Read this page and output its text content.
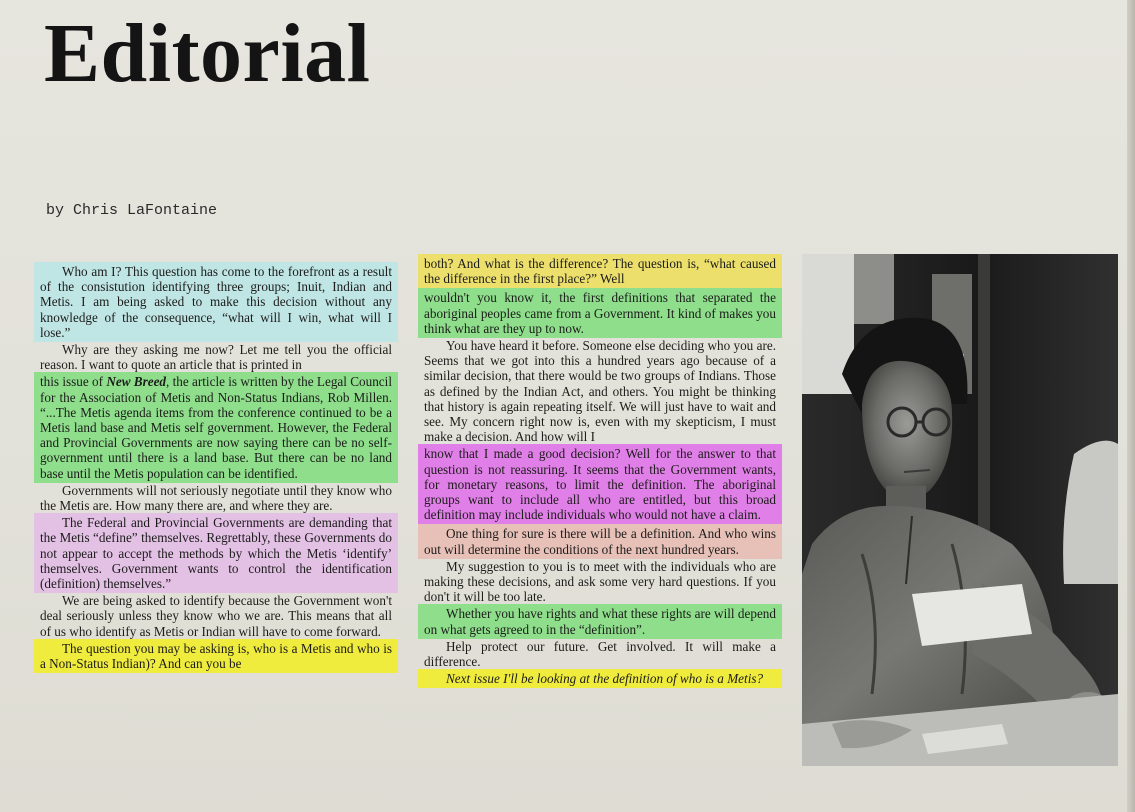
Editorial
by Chris LaFontaine

Who am I? This question has come to the forefront as a result of the consistution identifying three groups; Inuit, Indian and Metis. I am being asked to make this decision without any knowledge of the consequence, “what will I win, what will I lose.”

Why are they asking me now? Let me tell you the official reason. I want to quote an article that is printed in

this issue of New Breed, the article is written by the Legal Council for the Association of Metis and Non-Status Indians, Rob Millen. “...The Metis agenda items from the conference continued to be a Metis land base and Metis self government. However, the Federal and Provincial Governments are now saying there can be no self-government until there is a land base. But there can be no land base until the Metis population can be identified.

Governments will not seriously negotiate until they know who the Metis are. How many there are, and where they are.

The Federal and Provincial Governments are demanding that the Metis “define” themselves. Regrettably, these Governments do not appear to accept the methods by which the Metis ‘identify’ themselves. Government wants to control the identification (definition) themselves.”

We are being asked to identify because the Government won't deal seriously unless they know who we are. This means that all of us who identify as Metis or Indian will have to come forward.

The question you may be asking is, who is a Metis and who is a Non-Status Indian)? And can you be

both? And what is the difference? The question is, “what caused the difference in the first place?” Well

wouldn't you know it, the first definitions that separated the aboriginal peoples came from a Government. It kind of makes you think what are they up to now.

You have heard it before. Someone else deciding who you are. Seems that we got into this a hundred years ago because of a similar decision, that there would be two groups of Indians. Those as defined by the Indian Act, and others. You might be thinking that history is again repeating itself. We will just have to wait and see. My concern right now is, even with my skepticism, I must make a decision. And how will I

know that I made a good decision? Well for the answer to that question is not reassuring. It seems that the Government wants, for monetary reasons, to limit the definition. The aboriginal groups want to include all who are entitled, but this broad definition may include individuals who would not have a claim.

One thing for sure is there will be a definition. And who wins out will determine the conditions of the next hundred years.

My suggestion to you is to meet with the individuals who are making these decisions, and ask some very hard questions. If you don't it will be too late.

Whether you have rights and what these rights are will depend on what gets agreed to in the “definition”.

Help protect our future. Get involved. It will make a difference.

Next issue I'll be looking at the definition of who is a Metis?
